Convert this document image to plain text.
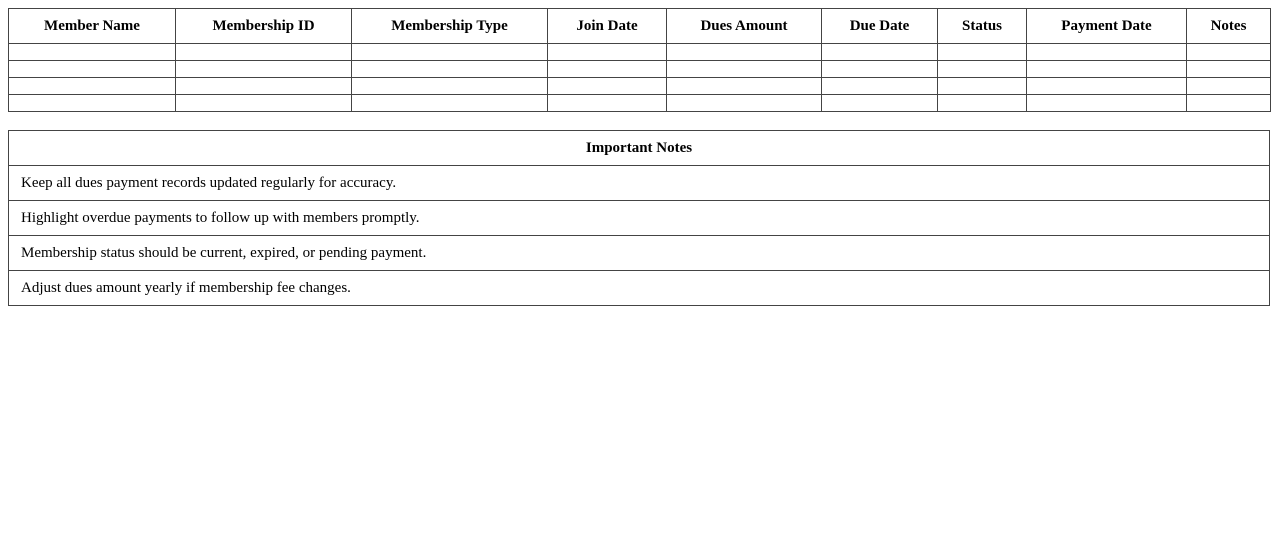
Member Name	Membership ID	Membership Type	Join Date	Dues Amount	Due Date	Status	Payment Date	Notes

Important Notes
Keep all dues payment records updated regularly for accuracy.
Highlight overdue payments to follow up with members promptly.
Membership status should be current, expired, or pending payment.
Adjust dues amount yearly if membership fee changes.
